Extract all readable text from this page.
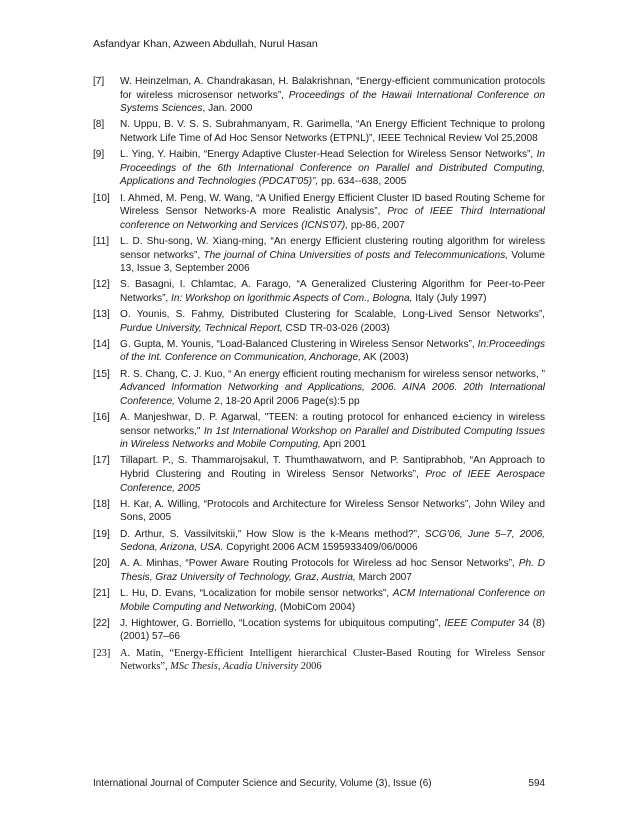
Asfandyar Khan, Azween Abdullah, Nurul Hasan
[7]	W. Heinzelman, A. Chandrakasan, H. Balakrishnan, “Energy-efficient communication protocols for wireless microsensor networks”, Proceedings of the Hawaii International Conference on Systems Sciences, Jan. 2000
[8]	N. Uppu, B. V. S. S. Subrahmanyam, R. Garimella, “An Energy Efficient Technique to prolong Network Life Time of Ad Hoc Sensor Networks (ETPNL)”, IEEE Technical Review Vol 25,2008
[9]	L. Ying, Y. Haibin, “Energy Adaptive Cluster-Head Selection for Wireless Sensor Networks”, In Proceedings of the 6th International Conference on Parallel and Distributed Computing, Applications and Technologies (PDCAT'05)”, pp. 634--638, 2005
[10]	I. Ahmed, M. Peng, W. Wang, “A Unified Energy Efficient Cluster ID based Routing Scheme for Wireless Sensor Networks-A more Realistic Analysis”, Proc of IEEE Third International conference on Networking and Services (ICNS'07), pp-86, 2007
[11]	L. D. Shu-song, W. Xiang-ming, “An energy Efficient clustering routing algorithm for wireless sensor networks”, The journal of China Universities of posts and Telecommunications, Volume 13, Issue 3, September 2006
[12]	S. Basagni, I. Chlamtac, A. Farago, “A Generalized Clustering Algorithm for Peer-to-Peer Networks”, In: Workshop on lgorithmic Aspects of Com., Bologna, Italy (July 1997)
[13]	O. Younis, S. Fahmy, Distributed Clustering for Scalable, Long-Lived Sensor Networks”, Purdue University, Technical Report, CSD TR-03-026 (2003)
[14]	G. Gupta, M. Younis, “Load-Balanced Clustering in Wireless Sensor Networks”, In:Proceedings of the Int. Conference on Communication, Anchorage, AK (2003)
[15]	R. S. Chang, C. J. Kuo, “ An energy efficient routing mechanism for wireless sensor networks, ” Advanced Information Networking and Applications, 2006. AINA 2006. 20th International Conference, Volume 2, 18-20 April 2006 Page(s):5 pp
[16]	A. Manjeshwar, D. P. Agarwal, "TEEN: a routing protocol for enhanced e±ciency in wireless sensor networks," In 1st International Workshop on Parallel and Distributed Computing Issues in Wireless Networks and Mobile Computing, Apri 2001
[17]	Tillapart. P., S. Thammarojsakul, T. Thumthawatworn, and P. Santiprabhob, “An Approach to Hybrid Clustering and Routing in Wireless Sensor Networks”, Proc of IEEE Aerospace Conference, 2005
[18]	H. Kar, A. Willing, “Protocols and Architecture for Wireless Sensor Networks”, John Wiley and Sons, 2005
[19]	D. Arthur, S. Vassilvitskii,” How Slow is the k-Means method?”, SCG'06, June 5–7, 2006, Sedona, Arizona, USA. Copyright 2006 ACM 1595933409/06/0006
[20]	A. A. Minhas, “Power Aware Routing Protocols for Wireless ad hoc Sensor Networks”, Ph. D Thesis, Graz University of Technology, Graz, Austria, March 2007
[21]	L. Hu, D. Evans, “Localization for mobile sensor networks”, ACM International Conference on Mobile Computing and Networking, (MobiCom 2004)
[22]	J. Hightower, G. Borriello, “Location systems for ubiquitous computing”, IEEE Computer 34 (8) (2001) 57–66
[23] A. Matin, “Energy-Efficient Intelligent hierarchical Cluster-Based Routing for Wireless Sensor Networks”, MSc Thesis, Acadia University 2006
International Journal of Computer Science and Security, Volume (3), Issue (6)	594
